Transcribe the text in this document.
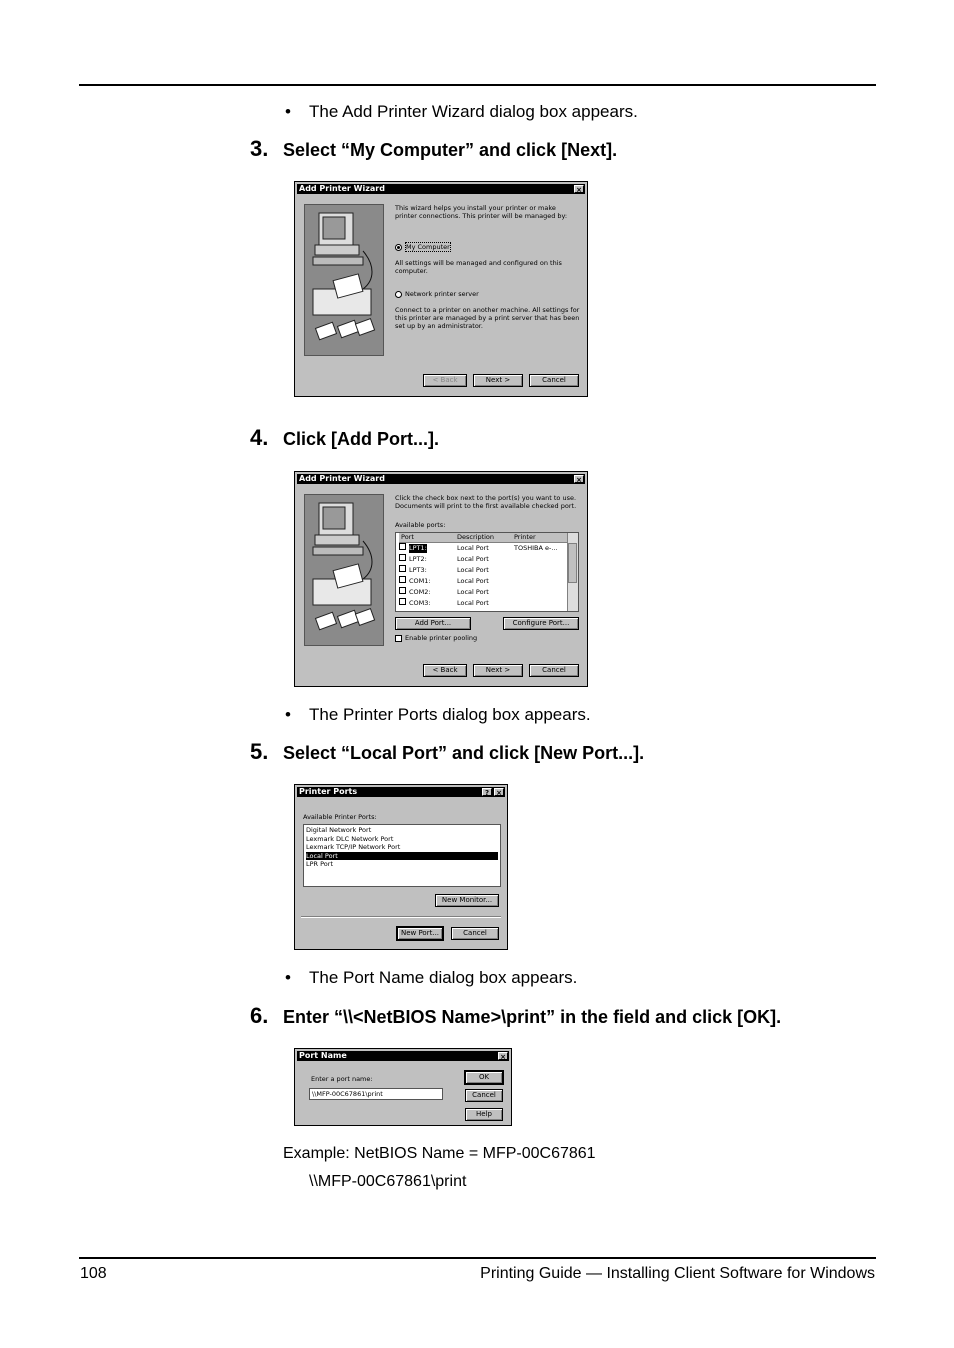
• The Add Printer Wizard dialog box appears.
3. Select “My Computer” and click [Next].
Add Printer Wizard	×
This wizard helps you install your printer or make printer connections. This printer will be managed by:
My Computer
All settings will be managed and configured on this computer.
Network printer server
Connect to a printer on another machine. All settings for this printer are managed by a print server that has been set up by an administrator.
< Back	Next >	Cancel
4. Click [Add Port...].
Add Printer Wizard	×
Click the check box next to the port(s) you want to use. Documents will print to the first available checked port.
Available ports:
Port	Description	Printer
LPT1:	Local Port	TOSHIBA e-...
LPT2:	Local Port
LPT3:	Local Port
COM1:	Local Port
COM2:	Local Port
COM3:	Local Port
Add Port...	Configure Port...
Enable printer pooling
< Back	Next >	Cancel
• The Printer Ports dialog box appears.
5. Select “Local Port” and click [New Port...].
Printer Ports	?	×
Available Printer Ports:
Digital Network Port
Lexmark DLC Network Port
Lexmark TCP/IP Network Port
Local Port
LPR Port
New Monitor...
New Port...	Cancel
• The Port Name dialog box appears.
6. Enter “\\<NetBIOS Name>\print” in the field and click [OK].
Port Name	×
Enter a port name:
\\MFP-00C67861\print
OK
Cancel
Help
Example: NetBIOS Name = MFP-00C67861
\\MFP-00C67861\print
108	Printing Guide — Installing Client Software for Windows
